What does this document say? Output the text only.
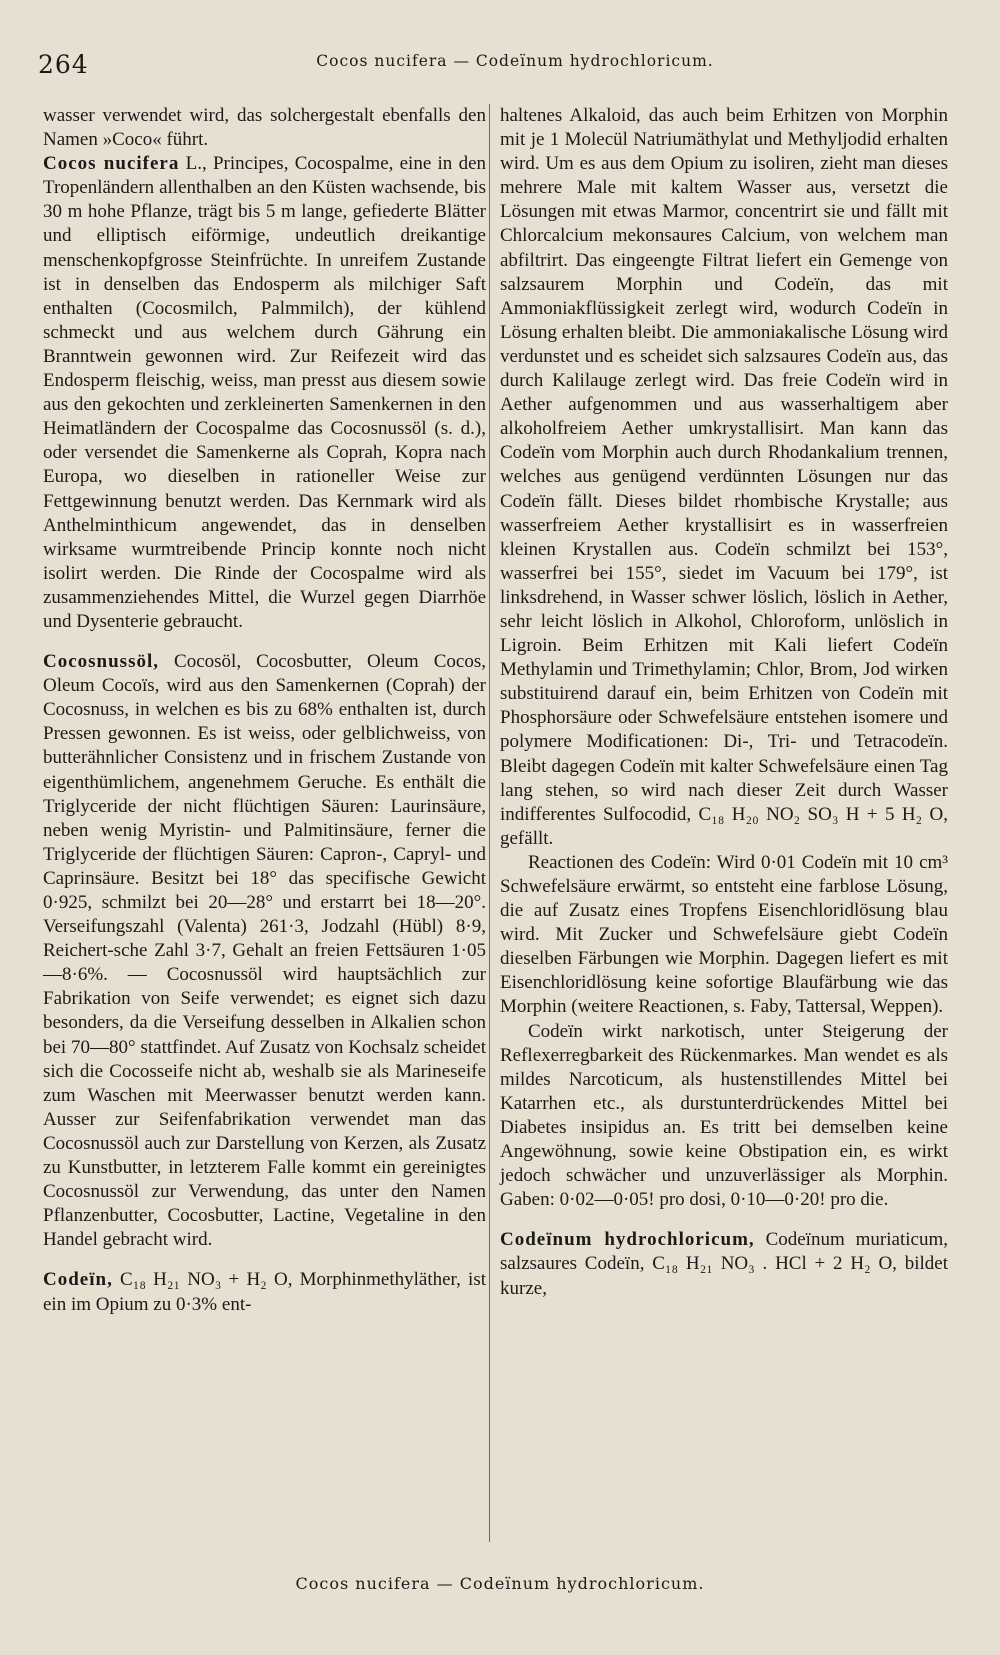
264	Cocos nucifera — Codeïnum hydrochloricum.

wasser verwendet wird, das solchergestalt ebenfalls den Namen »Coco« führt.

Cocos nucifera L., Principes, Cocospalme, eine in den Tropenländern allenthalben an den Küsten wachsende, bis 30 m hohe Pflanze, trägt bis 5 m lange, gefiederte Blätter und elliptisch eiförmige, undeutlich dreikantige menschenkopfgrosse Steinfrüchte. In unreifem Zustande ist in denselben das Endosperm als milchiger Saft enthalten (Cocosmilch, Palmmilch), der kühlend schmeckt und aus welchem durch Gährung ein Branntwein gewonnen wird. Zur Reifezeit wird das Endosperm fleischig, weiss, man presst aus diesem sowie aus den gekochten und zerkleinerten Samenkernen in den Heimatländern der Cocospalme das Cocosnussöl (s. d.), oder versendet die Samenkerne als Coprah, Kopra nach Europa, wo dieselben in rationeller Weise zur Fettgewinnung benutzt werden. Das Kernmark wird als Anthelminthicum angewendet, das in denselben wirksame wurmtreibende Princip konnte noch nicht isolirt werden. Die Rinde der Cocospalme wird als zusammenziehendes Mittel, die Wurzel gegen Diarrhöe und Dysenterie gebraucht.

Cocosnussöl, Cocosöl, Cocosbutter, Oleum Cocos, Oleum Cocoïs, wird aus den Samenkernen (Coprah) der Cocosnuss, in welchen es bis zu 68% enthalten ist, durch Pressen gewonnen. Es ist weiss, oder gelblichweiss, von butterähnlicher Consistenz und in frischem Zustande von eigenthümlichem, angenehmem Geruche. Es enthält die Triglyceride der nicht flüchtigen Säuren: Laurinsäure, neben wenig Myristin- und Palmitinsäure, ferner die Triglyceride der flüchtigen Säuren: Capron-, Capryl- und Caprinsäure. Besitzt bei 18° das specifische Gewicht 0·925, schmilzt bei 20—28° und erstarrt bei 18—20°. Verseifungszahl (Valenta) 261·3, Jodzahl (Hübl) 8·9, Reichert-sche Zahl 3·7, Gehalt an freien Fettsäuren 1·05—8·6%. — Cocosnussöl wird hauptsächlich zur Fabrikation von Seife verwendet; es eignet sich dazu besonders, da die Verseifung desselben in Alkalien schon bei 70—80° stattfindet. Auf Zusatz von Kochsalz scheidet sich die Cocosseife nicht ab, weshalb sie als Marineseife zum Waschen mit Meerwasser benutzt werden kann. Ausser zur Seifenfabrikation verwendet man das Cocosnussöl auch zur Darstellung von Kerzen, als Zusatz zu Kunstbutter, in letzterem Falle kommt ein gereinigtes Cocosnussöl zur Verwendung, das unter den Namen Pflanzenbutter, Cocosbutter, Lactine, Vegetaline in den Handel gebracht wird.

Codeïn, C₁₈ H₂₁ NO₃ + H₂ O, Morphinmethyläther, ist ein im Opium zu 0·3% ent-

haltenes Alkaloid, das auch beim Erhitzen von Morphin mit je 1 Molecül Natriumäthylat und Methyljodid erhalten wird. Um es aus dem Opium zu isoliren, zieht man dieses mehrere Male mit kaltem Wasser aus, versetzt die Lösungen mit etwas Marmor, concentrirt sie und fällt mit Chlorcalcium mekonsaures Calcium, von welchem man abfiltrirt. Das eingeengte Filtrat liefert ein Gemenge von salzsaurem Morphin und Codeïn, das mit Ammoniakflüssigkeit zerlegt wird, wodurch Codeïn in Lösung erhalten bleibt. Die ammoniakalische Lösung wird verdunstet und es scheidet sich salzsaures Codeïn aus, das durch Kalilauge zerlegt wird. Das freie Codeïn wird in Aether aufgenommen und aus wasserhaltigem aber alkoholfreiem Aether umkrystallisirt. Man kann das Codeïn vom Morphin auch durch Rhodankalium trennen, welches aus genügend verdünnten Lösungen nur das Codeïn fällt. Dieses bildet rhombische Krystalle; aus wasserfreiem Aether krystallisirt es in wasserfreien kleinen Krystallen aus. Codeïn schmilzt bei 153°, wasserfrei bei 155°, siedet im Vacuum bei 179°, ist linksdrehend, in Wasser schwer löslich, löslich in Aether, sehr leicht löslich in Alkohol, Chloroform, unlöslich in Ligroin. Beim Erhitzen mit Kali liefert Codeïn Methylamin und Trimethylamin; Chlor, Brom, Jod wirken substituirend darauf ein, beim Erhitzen von Codeïn mit Phosphorsäure oder Schwefelsäure entstehen isomere und polymere Modificationen: Di-, Tri- und Tetracodeïn. Bleibt dagegen Codeïn mit kalter Schwefelsäure einen Tag lang stehen, so wird nach dieser Zeit durch Wasser indifferentes Sulfocodid, C₁₈ H₂₀ NO₂ SO₃ H + 5 H₂ O, gefällt.

Reactionen des Codeïn: Wird 0·01 Codeïn mit 10 cm³ Schwefelsäure erwärmt, so entsteht eine farblose Lösung, die auf Zusatz eines Tropfens Eisenchloridlösung blau wird. Mit Zucker und Schwefelsäure giebt Codeïn dieselben Färbungen wie Morphin. Dagegen liefert es mit Eisenchloridlösung keine sofortige Blaufärbung wie das Morphin (weitere Reactionen, s. Faby, Tattersal, Weppen).

Codeïn wirkt narkotisch, unter Steigerung der Reflexerregbarkeit des Rückenmarkes. Man wendet es als mildes Narcoticum, als hustenstillendes Mittel bei Katarrhen etc., als durstunterdrückendes Mittel bei Diabetes insipidus an. Es tritt bei demselben keine Angewöhnung, sowie keine Obstipation ein, es wirkt jedoch schwächer und unzuverlässiger als Morphin. Gaben: 0·02—0·05! pro dosi, 0·10—0·20! pro die.

Codeïnum hydrochloricum, Codeïnum muriaticum, salzsaures Codeïn, C₁₈ H₂₁ NO₃ . HCl + 2 H₂ O, bildet kurze,

Cocos nucifera — Codeïnum hydrochloricum.
